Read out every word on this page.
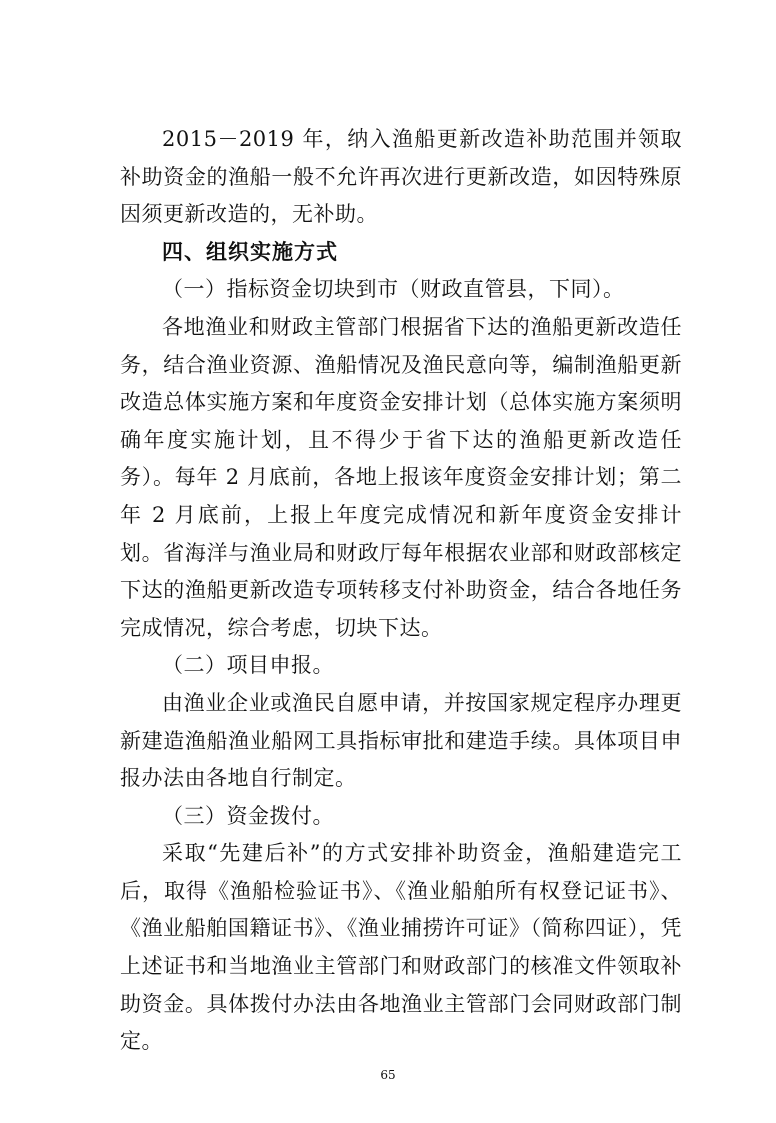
2015－2019 年，纳入渔船更新改造补助范围并领取补助资金的渔船一般不允许再次进行更新改造，如因特殊原因须更新改造的，无补助。

四、组织实施方式

（一）指标资金切块到市（财政直管县，下同）。

各地渔业和财政主管部门根据省下达的渔船更新改造任务，结合渔业资源、渔船情况及渔民意向等，编制渔船更新改造总体实施方案和年度资金安排计划（总体实施方案须明确年度实施计划，且不得少于省下达的渔船更新改造任务）。每年 2 月底前，各地上报该年度资金安排计划；第二年 2 月底前，上报上年度完成情况和新年度资金安排计划。省海洋与渔业局和财政厅每年根据农业部和财政部核定下达的渔船更新改造专项转移支付补助资金，结合各地任务完成情况，综合考虑，切块下达。

（二）项目申报。

由渔业企业或渔民自愿申请，并按国家规定程序办理更新建造渔船渔业船网工具指标审批和建造手续。具体项目申报办法由各地自行制定。

（三）资金拨付。

采取“先建后补”的方式安排补助资金，渔船建造完工后，取得《渔船检验证书》、《渔业船舶所有权登记证书》、《渔业船舶国籍证书》、《渔业捕捞许可证》（简称四证），凭上述证书和当地渔业主管部门和财政部门的核准文件领取补助资金。具体拨付办法由各地渔业主管部门会同财政部门制定。

65
